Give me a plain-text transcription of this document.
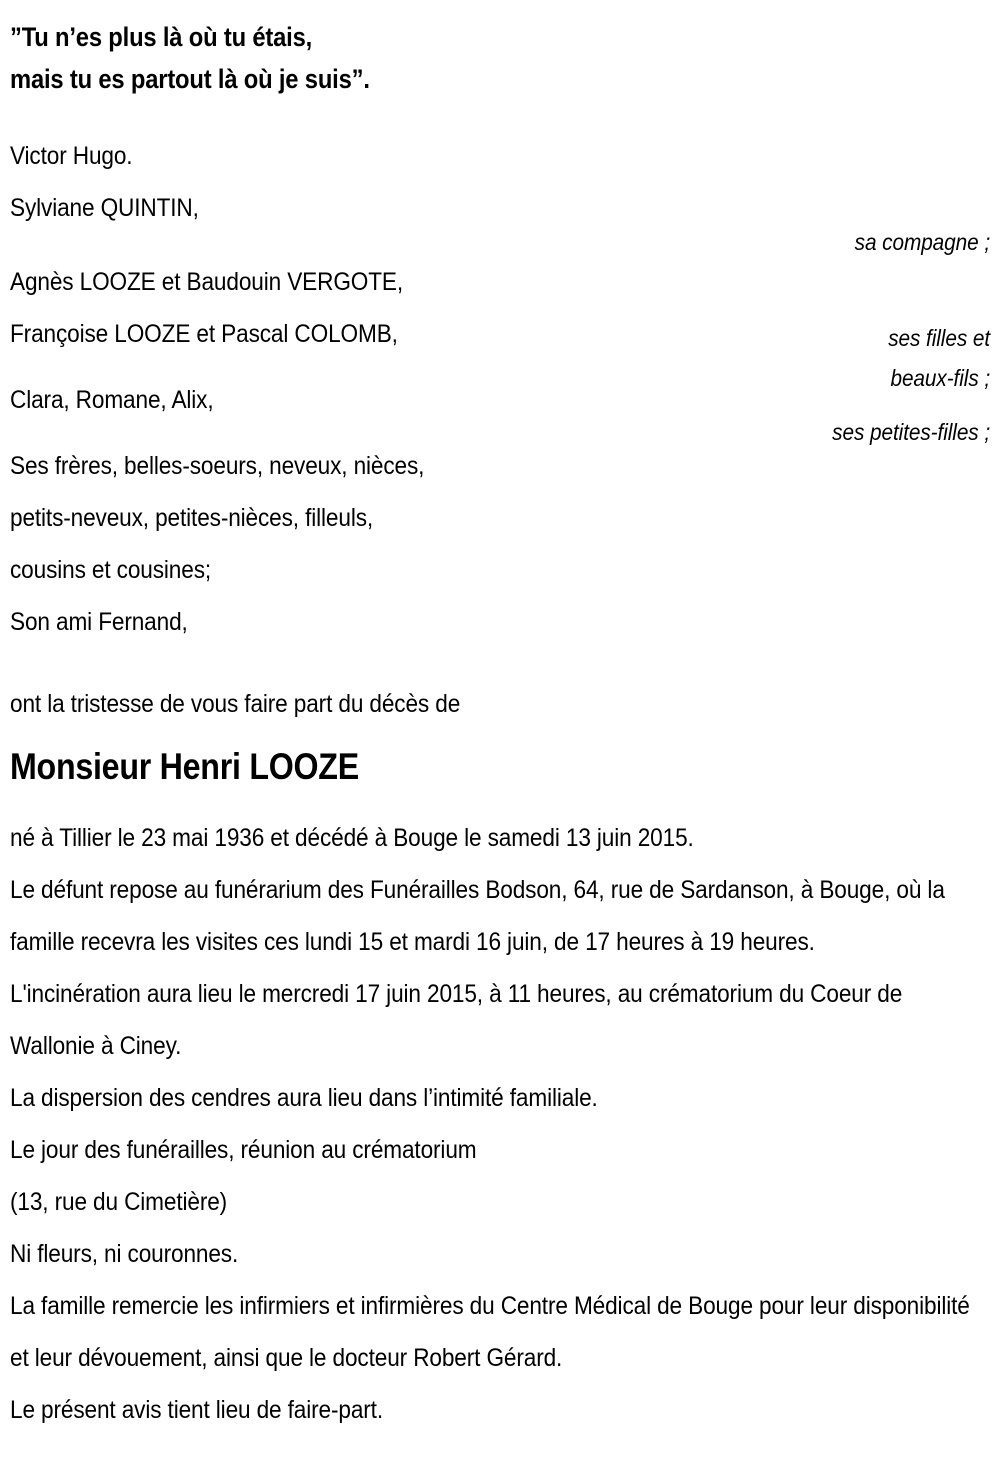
”Tu n’es plus là où tu étais,
mais tu es partout là où je suis”.
Victor Hugo.
Sylviane QUINTIN,
sa compagne ;
Agnès LOOZE et Baudouin VERGOTE,
Françoise LOOZE et Pascal COLOMB,	ses filles et
beaux-fils ;
Clara, Romane, Alix,
ses petites-filles ;
Ses frères, belles-soeurs, neveux, nièces,
petits-neveux, petites-nièces, filleuls,
cousins et cousines;
Son ami Fernand,
ont la tristesse de vous faire part du décès de
Monsieur Henri LOOZE
né à Tillier le 23 mai 1936 et décédé à Bouge le samedi 13 juin 2015.
Le défunt repose au funérarium des Funérailles Bodson, 64, rue de Sardanson, à Bouge, où la famille recevra les visites ces lundi 15 et mardi 16 juin, de 17 heures à 19 heures.
L'incinération aura lieu le mercredi 17 juin 2015, à 11 heures, au crématorium du Coeur de Wallonie à Ciney.
La dispersion des cendres aura lieu dans l’intimité familiale.
Le jour des funérailles, réunion au crématorium
(13, rue du Cimetière)
Ni fleurs, ni couronnes.
La famille remercie les infirmiers et infirmières du Centre Médical de Bouge pour leur disponibilité et leur dévouement, ainsi que le docteur Robert Gérard.
Le présent avis tient lieu de faire-part.
